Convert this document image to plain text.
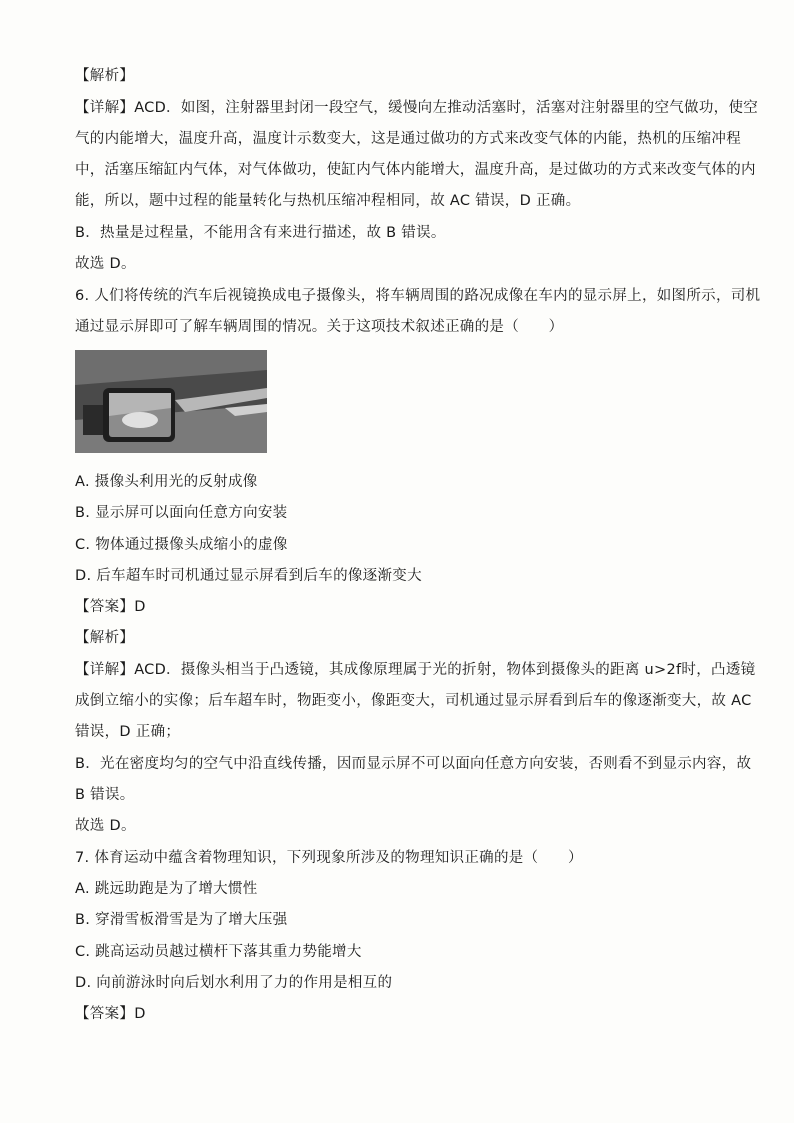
【解析】
【详解】ACD．如图，注射器里封闭一段空气，缓慢向左推动活塞时，活塞对注射器里的空气做功，使空
气的内能增大，温度升高，温度计示数变大，这是通过做功的方式来改变气体的内能，热机的压缩冲程
中，活塞压缩缸内气体，对气体做功，使缸内气体内能增大，温度升高，是过做功的方式来改变气体的内
能，所以，题中过程的能量转化与热机压缩冲程相同，故 AC 错误，D 正确。
B．热量是过程量，不能用含有来进行描述，故 B 错误。
故选 D。
6. 人们将传统的汽车后视镜换成电子摄像头，将车辆周围的路况成像在车内的显示屏上，如图所示，司机
通过显示屏即可了解车辆周围的情况。关于这项技术叙述正确的是（　　）
A. 摄像头利用光的反射成像
B. 显示屏可以面向任意方向安装
C. 物体通过摄像头成缩小的虚像
D. 后车超车时司机通过显示屏看到后车的像逐渐变大
【答案】D
【解析】
【详解】ACD．摄像头相当于凸透镜，其成像原理属于光的折射，物体到摄像头的距离 u>2f时，凸透镜
成倒立缩小的实像；后车超车时，物距变小，像距变大，司机通过显示屏看到后车的像逐渐变大，故 AC
错误，D 正确；
B．光在密度均匀的空气中沿直线传播，因而显示屏不可以面向任意方向安装，否则看不到显示内容，故
B 错误。
故选 D。
7. 体育运动中蕴含着物理知识，下列现象所涉及的物理知识正确的是（　　）
A. 跳远助跑是为了增大惯性
B. 穿滑雪板滑雪是为了增大压强
C. 跳高运动员越过横杆下落其重力势能增大
D. 向前游泳时向后划水利用了力的作用是相互的
【答案】D
